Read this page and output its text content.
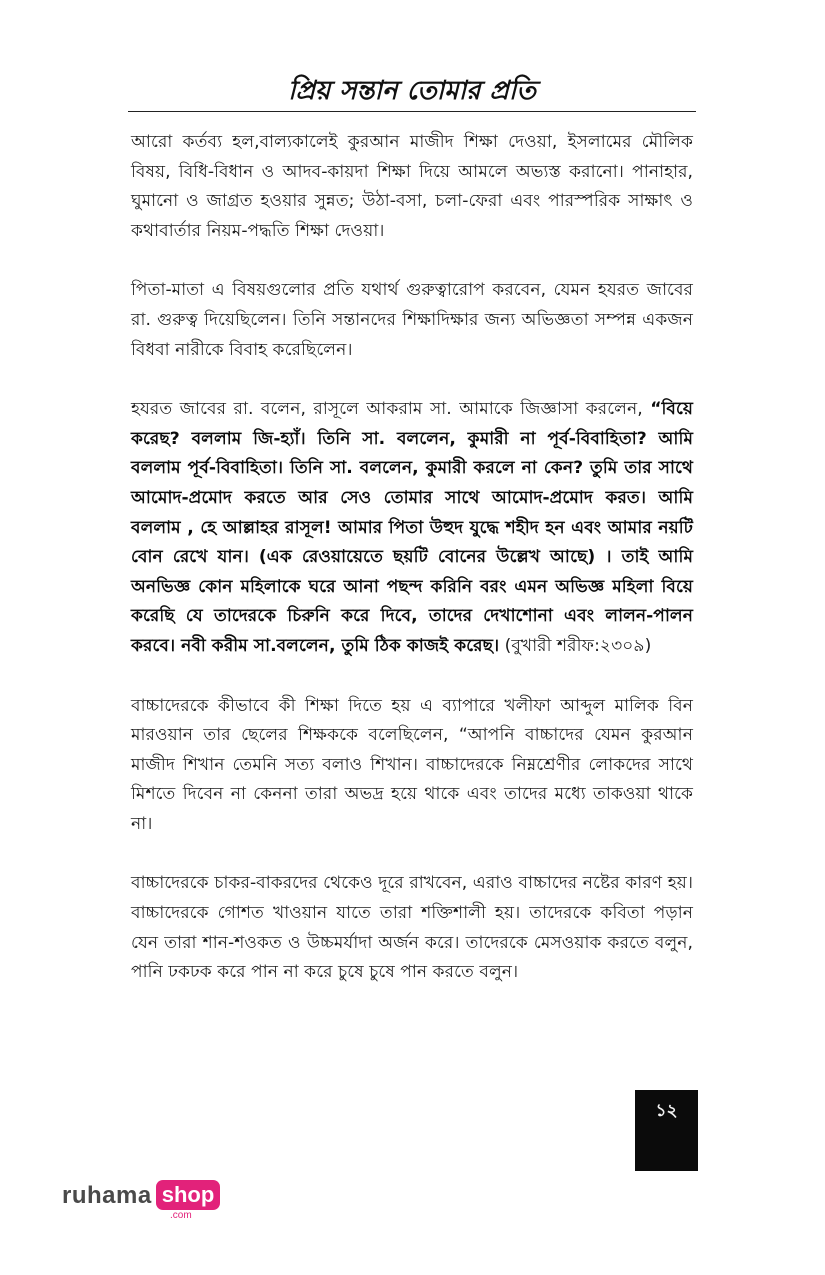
প্রিয় সন্তান তোমার প্রতি

আরো কর্তব্য হল,বাল্যকালেই কুরআন মাজীদ শিক্ষা দেওয়া, ইসলামের মৌলিক বিষয়, বিধি-বিধান ও আদব-কায়দা শিক্ষা দিয়ে আমলে অভ্যস্ত করানো। পানাহার, ঘুমানো ও জাগ্রত হওয়ার সুন্নত; উঠা-বসা, চলা-ফেরা এবং পারস্পরিক সাক্ষাৎ ও কথাবার্তার নিয়ম-পদ্ধতি শিক্ষা দেওয়া।

পিতা-মাতা এ বিষয়গুলোর প্রতি যথার্থ গুরুত্বারোপ করবেন, যেমন হযরত জাবের রা. গুরুত্ব দিয়েছিলেন। তিনি সন্তানদের শিক্ষাদিক্ষার জন্য অভিজ্ঞতা সম্পন্ন একজন বিধবা নারীকে বিবাহ করেছিলেন।

হযরত জাবের রা. বলেন, রাসূলে আকরাম সা. আমাকে জিজ্ঞাসা করলেন, “বিয়ে করেছ? বললাম জি-হ্যাঁ। তিনি সা. বললেন, কুমারী না পূর্ব-বিবাহিতা? আমি বললাম পূর্ব-বিবাহিতা। তিনি সা. বললেন, কুমারী করলে না কেন? তুমি তার সাথে আমোদ-প্রমোদ করতে আর সেও তোমার সাথে আমোদ-প্রমোদ করত। আমি বললাম , হে আল্লাহর রাসূল! আমার পিতা উহুদ যুদ্ধে শহীদ হন এবং আমার নয়টি বোন রেখে যান। (এক রেওয়ায়েতে ছয়টি বোনের উল্লেখ আছে) । তাই আমি অনভিজ্ঞ কোন মহিলাকে ঘরে আনা পছন্দ করিনি বরং এমন অভিজ্ঞ মহিলা বিয়ে করেছি যে তাদেরকে চিরুনি করে দিবে, তাদের দেখাশোনা এবং লালন-পালন করবে। নবী করীম সা.বললেন, তুমি ঠিক কাজই করেছ। (বুখারী শরীফ:২৩০৯)

বাচ্চাদেরকে কীভাবে কী শিক্ষা দিতে হয় এ ব্যাপারে খলীফা আব্দুল মালিক বিন মারওয়ান তার ছেলের শিক্ষককে বলেছিলেন, “আপনি বাচ্চাদের যেমন কুরআন মাজীদ শিখান তেমনি সত্য বলাও শিখান। বাচ্চাদেরকে নিম্নশ্রেণীর লোকদের সাথে মিশতে দিবেন না কেননা তারা অভদ্র হয়ে থাকে এবং তাদের মধ্যে তাকওয়া থাকে না।

বাচ্চাদেরকে চাকর-বাকরদের থেকেও দূরে রাখবেন, এরাও বাচ্চাদের নষ্টের কারণ হয়। বাচ্চাদেরকে গোশত খাওয়ান যাতে তারা শক্তিশালী হয়। তাদেরকে কবিতা পড়ান যেন তারা শান-শওকত ও উচ্চমর্যাদা অর্জন করে। তাদেরকে মেসওয়াক করতে বলুন, পানি ঢকঢক করে পান না করে চুষে চুষে পান করতে বলুন।

১২
ruhama shop
.com
